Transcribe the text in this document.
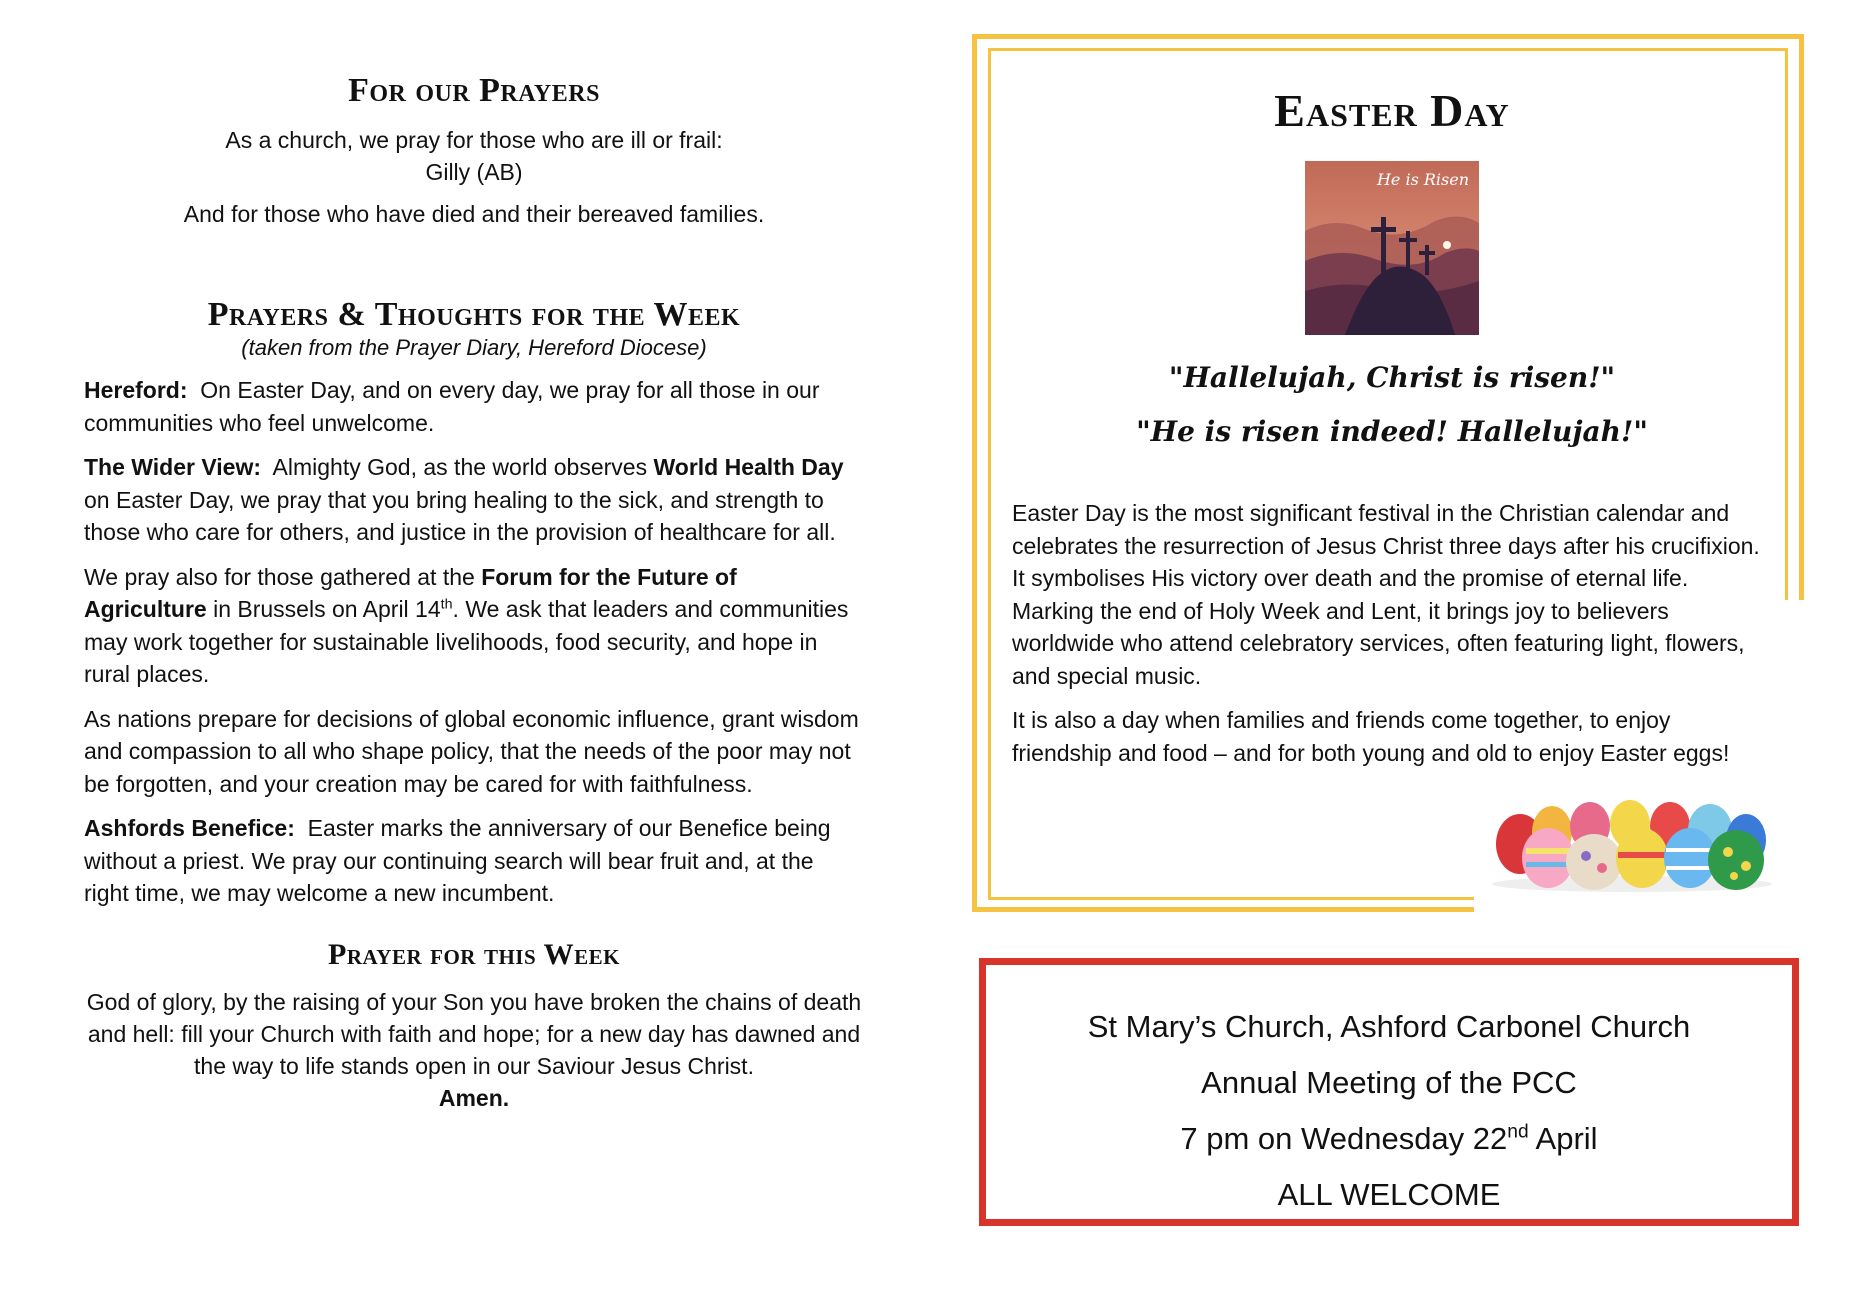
For our Prayers

As a church, we pray for those who are ill or frail:

Gilly (AB)

And for those who have died and their bereaved families.

Prayers & Thoughts for the Week

(taken from the Prayer Diary, Hereford Diocese)

Hereford: On Easter Day, and on every day, we pray for all those in our communities who feel unwelcome.

The Wider View: Almighty God, as the world observes World Health Day on Easter Day, we pray that you bring healing to the sick, and strength to those who care for others, and justice in the provision of healthcare for all.

We pray also for those gathered at the Forum for the Future of Agriculture in Brussels on April 14th. We ask that leaders and communities may work together for sustainable livelihoods, food security, and hope in rural places.

As nations prepare for decisions of global economic influence, grant wisdom and compassion to all who shape policy, that the needs of the poor may not be forgotten, and your creation may be cared for with faithfulness.

Ashfords Benefice: Easter marks the anniversary of our Benefice being without a priest. We pray our continuing search will bear fruit and, at the right time, we may welcome a new incumbent.

Prayer for this Week

God of glory, by the raising of your Son you have broken the chains of death and hell: fill your Church with faith and hope; for a new day has dawned and the way to life stands open in our Saviour Jesus Christ.
Amen.

Easter Day
He is Risen

"Hallelujah, Christ is risen!"

"He is risen indeed! Hallelujah!"

Easter Day is the most significant festival in the Christian calendar and celebrates the resurrection of Jesus Christ three days after his crucifixion. It symbolises His victory over death and the promise of eternal life. Marking the end of Holy Week and Lent, it brings joy to believers worldwide who attend celebratory services, often featuring light, flowers, and special music.

It is also a day when families and friends come together, to enjoy friendship and food – and for both young and old to enjoy Easter eggs!

St Mary’s Church, Ashford Carbonel Church

Annual Meeting of the PCC

7 pm on Wednesday 22nd April

ALL WELCOME
